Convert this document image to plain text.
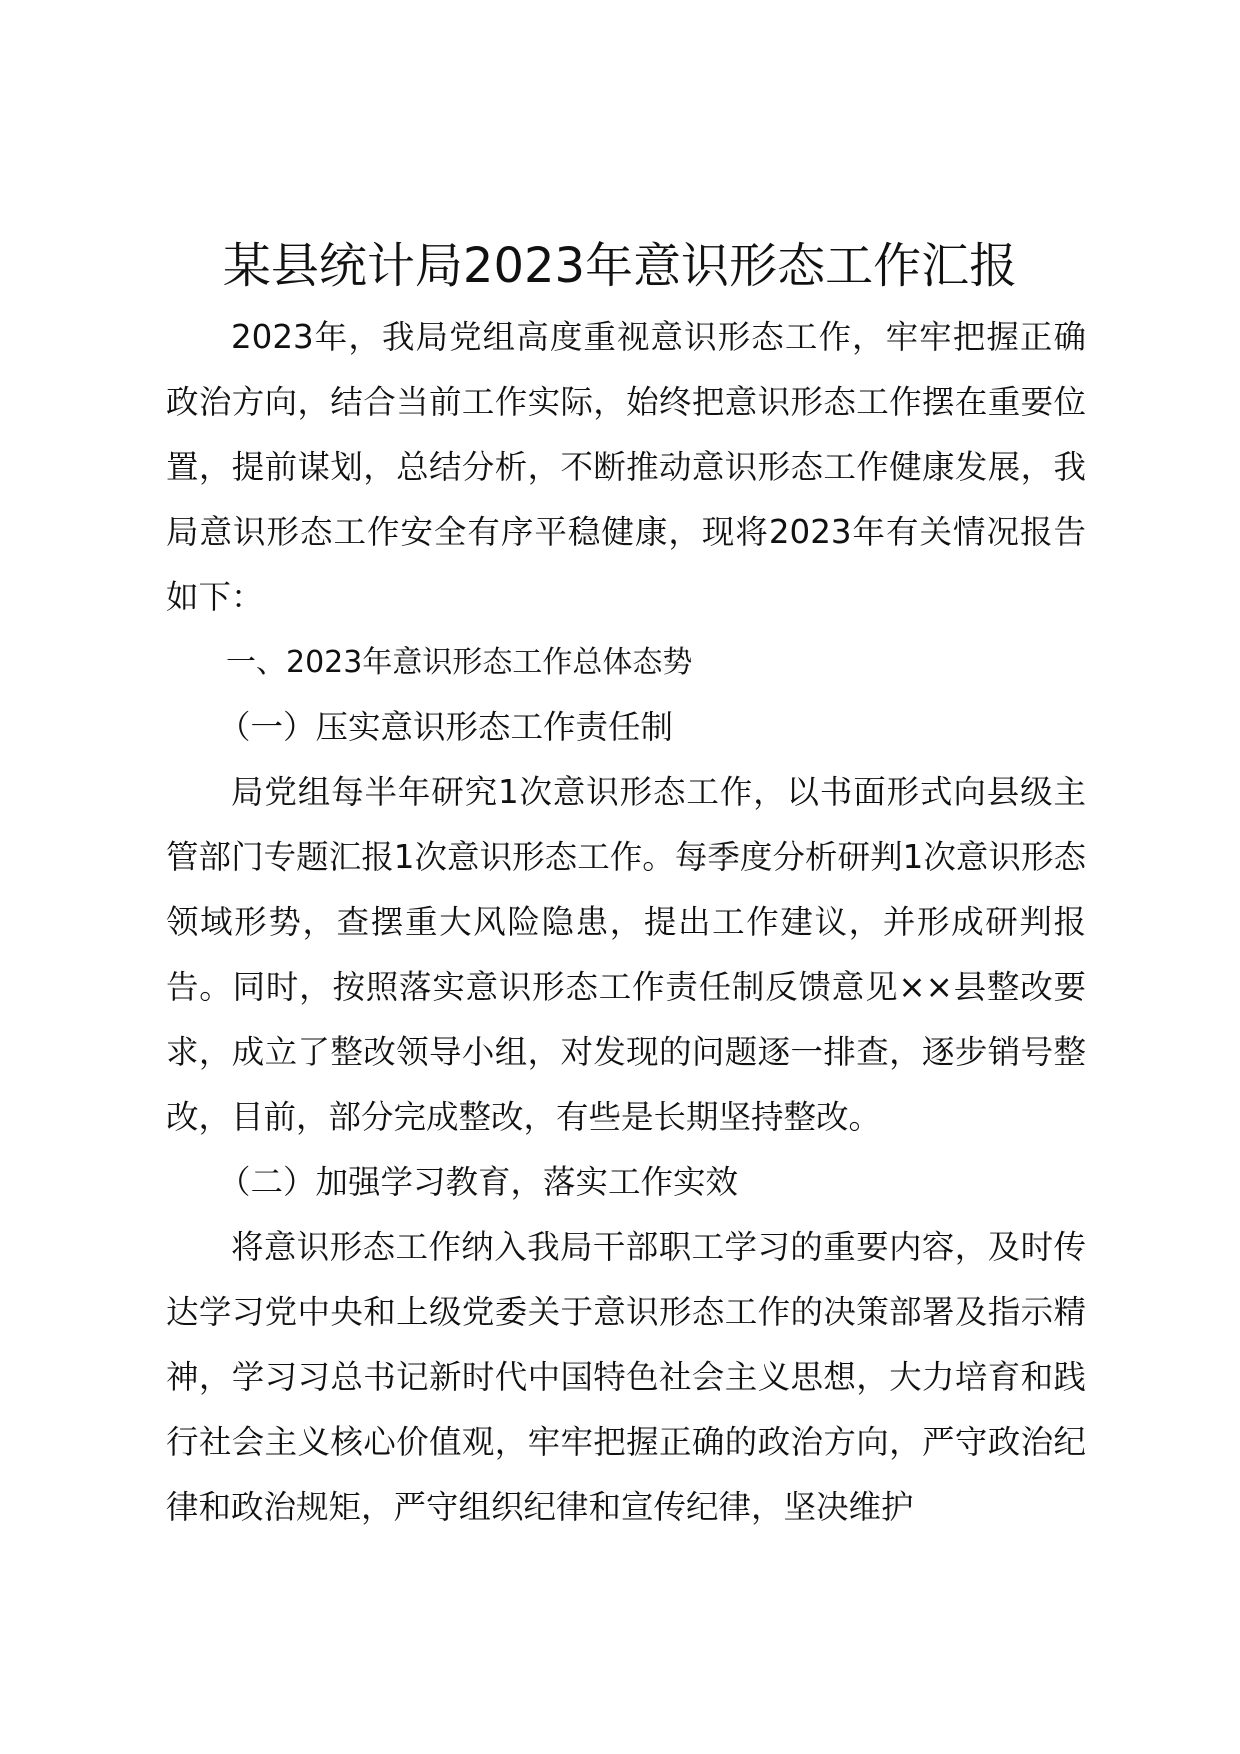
某县统计局2023年意识形态工作汇报

2023年，我局党组高度重视意识形态工作，牢牢把握正确政治方向，结合当前工作实际，始终把意识形态工作摆在重要位置，提前谋划，总结分析，不断推动意识形态工作健康发展，我局意识形态工作安全有序平稳健康，现将2023年有关情况报告如下：

一、2023年意识形态工作总体态势

（一）压实意识形态工作责任制

局党组每半年研究1次意识形态工作，以书面形式向县级主管部门专题汇报1次意识形态工作。每季度分析研判1次意识形态领域形势，查摆重大风险隐患，提出工作建议，并形成研判报告。同时，按照落实意识形态工作责任制反馈意见××县整改要求，成立了整改领导小组，对发现的问题逐一排查，逐步销号整改，目前，部分完成整改，有些是长期坚持整改。

（二）加强学习教育，落实工作实效

将意识形态工作纳入我局干部职工学习的重要内容，及时传达学习党中央和上级党委关于意识形态工作的决策部署及指示精神，学习习总书记新时代中国特色社会主义思想，大力培育和践行社会主义核心价值观，牢牢把握正确的政治方向，严守政治纪律和政治规矩，严守组织纪律和宣传纪律，坚决维护
